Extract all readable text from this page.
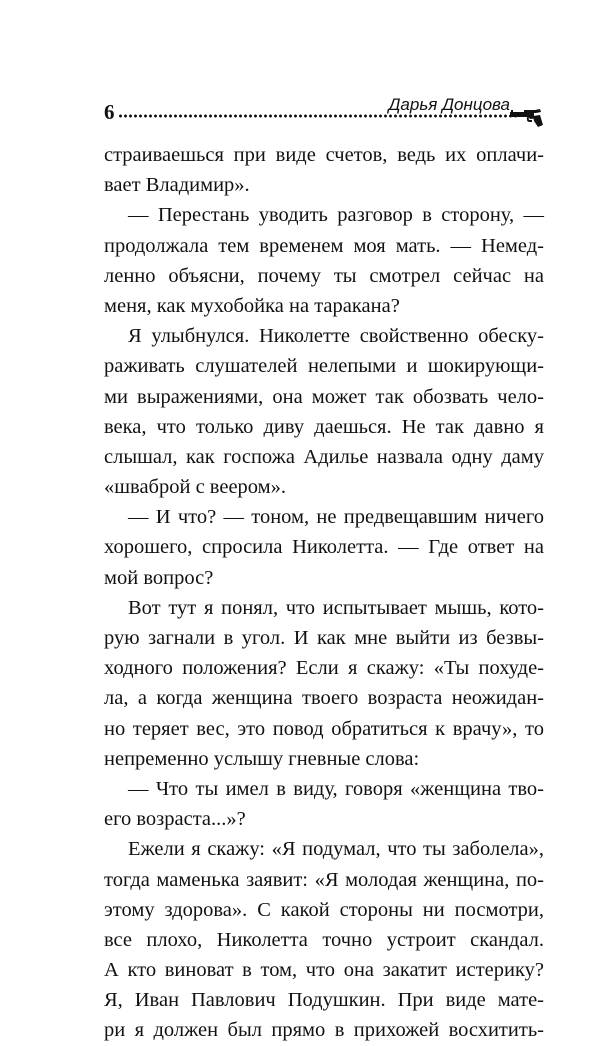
6	Дарья Донцова
страиваешься при виде счетов, ведь их оплачи-
вает Владимир».
— Перестань уводить разговор в сторону, —
продолжала тем временем моя мать. — Немед-
ленно объясни, почему ты смотрел сейчас на
меня, как мухобойка на таракана?
Я улыбнулся. Николетте свойственно обеску-
раживать слушателей нелепыми и шокирующи-
ми выражениями, она может так обозвать чело-
века, что только диву даешься. Не так давно я
слышал, как госпожа Адилье назвала одну даму
«шваброй с веером».
— И что? — тоном, не предвещавшим ничего
хорошего, спросила Николетта. — Где ответ на
мой вопрос?
Вот тут я понял, что испытывает мышь, кото-
рую загнали в угол. И как мне выйти из безвы-
ходного положения? Если я скажу: «Ты похуде-
ла, а когда женщина твоего возраста неожидан-
но теряет вес, это повод обратиться к врачу», то
непременно услышу гневные слова:
— Что ты имел в виду, говоря «женщина тво-
его возраста...»?
Ежели я скажу: «Я подумал, что ты заболела»,
тогда маменька заявит: «Я молодая женщина, по-
этому здорова». С какой стороны ни посмотри,
все плохо, Николетта точно устроит скандал.
А кто виноват в том, что она закатит истерику?
Я, Иван Павлович Подушкин. При виде мате-
ри я должен был прямо в прихожей восхитить-
